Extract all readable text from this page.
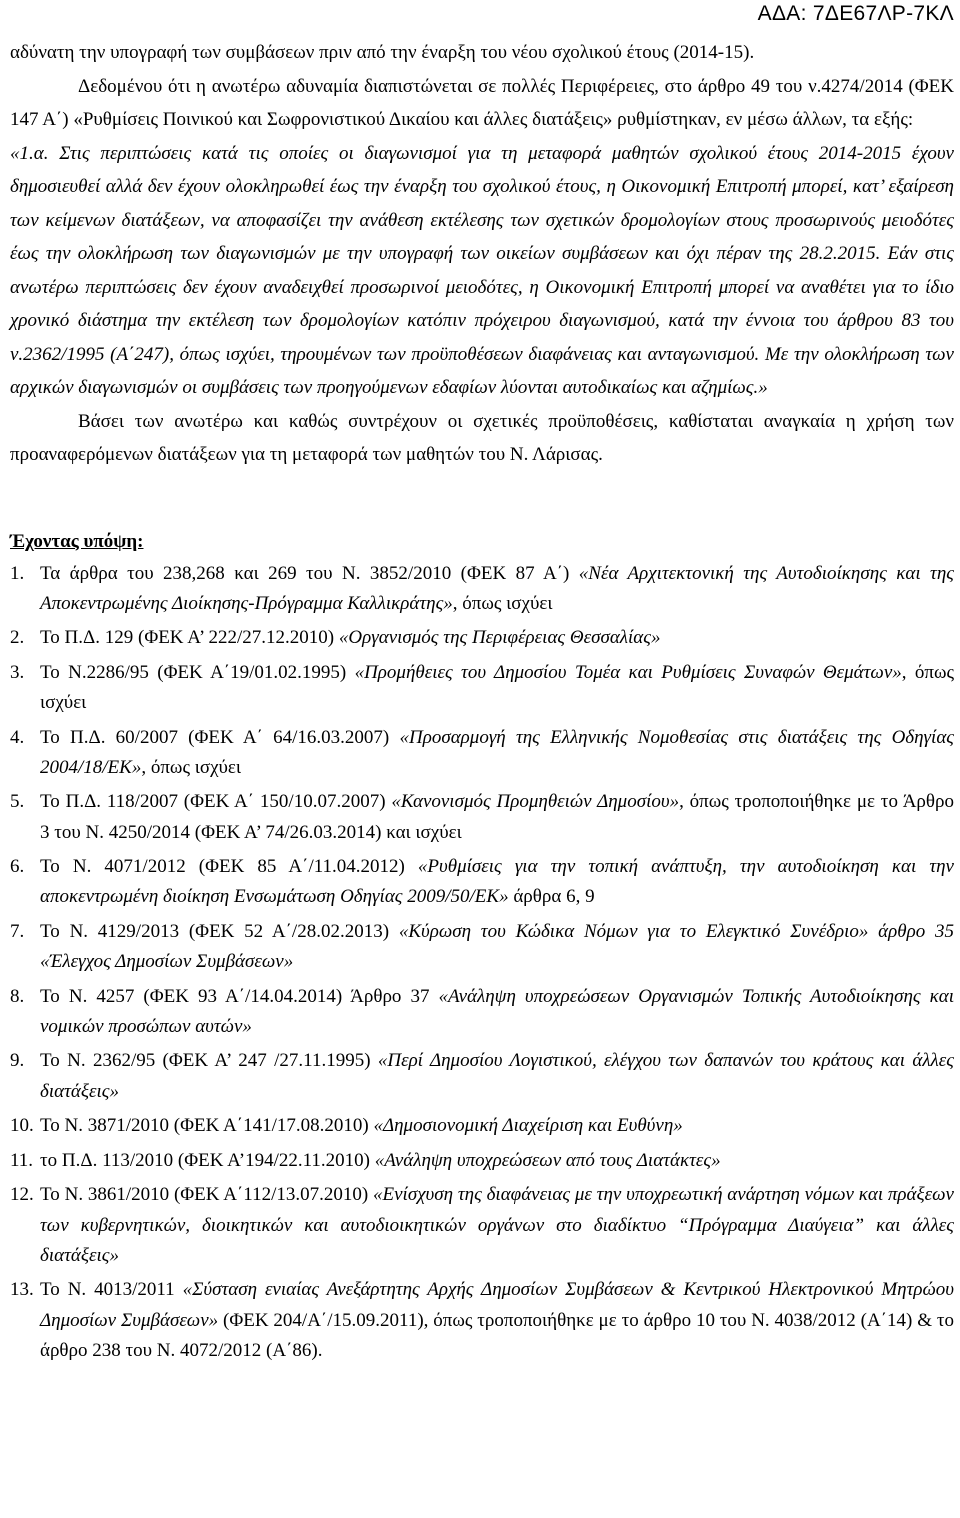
ΑΔΑ: 7ΔΕ67ΛΡ-7ΚΛ

αδύνατη την υπογραφή των συμβάσεων πριν από την έναρξη του νέου σχολικού έτους (2014-15).

Δεδομένου ότι η ανωτέρω αδυναμία διαπιστώνεται σε πολλές Περιφέρειες, στο άρθρο 49 του ν.4274/2014 (ΦΕΚ 147 Α΄) «Ρυθμίσεις Ποινικού και Σωφρονιστικού Δικαίου και άλλες διατάξεις» ρυθμίστηκαν, εν μέσω άλλων, τα εξής:

«1.α. Στις περιπτώσεις κατά τις οποίες οι διαγωνισμοί για τη μεταφορά μαθητών σχολικού έτους 2014-2015 έχουν δημοσιευθεί αλλά δεν έχουν ολοκληρωθεί έως την έναρξη του σχολικού έτους, η Οικονομική Επιτροπή μπορεί, κατ’ εξαίρεση των κείμενων διατάξεων, να αποφασίζει την ανάθεση εκτέλεσης των σχετικών δρομολογίων στους προσωρινούς μειοδότες έως την ολοκλήρωση των διαγωνισμών με την υπογραφή των οικείων συμβάσεων και όχι πέραν της 28.2.2015. Εάν στις ανωτέρω περιπτώσεις δεν έχουν αναδειχθεί προσωρινοί μειοδότες, η Οικονομική Επιτροπή μπορεί να αναθέτει για το ίδιο χρονικό διάστημα την εκτέλεση των δρομολογίων κατόπιν πρόχειρου διαγωνισμού, κατά την έννοια του άρθρου 83 του ν.2362/1995 (Α΄247), όπως ισχύει, τηρουμένων των προϋποθέσεων διαφάνειας και ανταγωνισμού. Με την ολοκλήρωση των αρχικών διαγωνισμών οι συμβάσεις των προηγούμενων εδαφίων λύονται αυτοδικαίως και αζημίως.»

Βάσει των ανωτέρω και καθώς συντρέχουν οι σχετικές προϋποθέσεις, καθίσταται αναγκαία η χρήση των προαναφερόμενων διατάξεων για τη μεταφορά των μαθητών του Ν. Λάρισας.

Έχοντας υπόψη:

1. Τα άρθρα του 238,268 και 269 του Ν. 3852/2010 (ΦΕΚ 87 Α΄) «Νέα Αρχιτεκτονική της Αυτοδιοίκησης και της Αποκεντρωμένης Διοίκησης-Πρόγραμμα Καλλικράτης», όπως ισχύει
2. Το Π.Δ. 129 (ΦΕΚ Α’ 222/27.12.2010) «Οργανισμός της Περιφέρειας Θεσσαλίας»
3. Το Ν.2286/95 (ΦΕΚ Α΄19/01.02.1995) «Προμήθειες του Δημοσίου Τομέα και Ρυθμίσεις Συναφών Θεμάτων», όπως ισχύει
4. Το Π.Δ. 60/2007 (ΦΕΚ Α΄ 64/16.03.2007) «Προσαρμογή της Ελληνικής Νομοθεσίας στις διατάξεις της Οδηγίας 2004/18/ΕΚ», όπως ισχύει
5. Το Π.Δ. 118/2007 (ΦΕΚ Α΄ 150/10.07.2007) «Κανονισμός Προμηθειών Δημοσίου», όπως τροποποιήθηκε με το Άρθρο 3 του Ν. 4250/2014 (ΦΕΚ Α’ 74/26.03.2014) και ισχύει
6. Το Ν. 4071/2012 (ΦΕΚ 85 Α΄/11.04.2012) «Ρυθμίσεις για την τοπική ανάπτυξη, την αυτοδιοίκηση και την αποκεντρωμένη διοίκηση Ενσωμάτωση Οδηγίας 2009/50/ΕΚ» άρθρα 6, 9
7. Το Ν. 4129/2013 (ΦΕΚ 52 Α΄/28.02.2013) «Κύρωση του Κώδικα Νόμων για το Ελεγκτικό Συνέδριο» άρθρο 35 «Έλεγχος Δημοσίων Συμβάσεων»
8. Το Ν. 4257 (ΦΕΚ 93 Α΄/14.04.2014) Άρθρο 37 «Ανάληψη υποχρεώσεων Οργανισμών Τοπικής Αυτοδιοίκησης και νομικών προσώπων αυτών»
9. Το Ν. 2362/95 (ΦΕΚ Α’ 247 /27.11.1995) «Περί Δημοσίου Λογιστικού, ελέγχου των δαπανών του κράτους και άλλες διατάξεις»
10. Το Ν. 3871/2010 (ΦΕΚ Α΄141/17.08.2010) «Δημοσιονομική Διαχείριση και Ευθύνη»
11. το Π.Δ. 113/2010 (ΦΕΚ Α’194/22.11.2010) «Ανάληψη υποχρεώσεων από τους Διατάκτες»
12. Το Ν. 3861/2010 (ΦΕΚ Α΄112/13.07.2010) «Ενίσχυση της διαφάνειας με την υποχρεωτική ανάρτηση νόμων και πράξεων των κυβερνητικών, διοικητικών και αυτοδιοικητικών οργάνων στο διαδίκτυο “Πρόγραμμα Διαύγεια” και άλλες διατάξεις»
13. Το Ν. 4013/2011 «Σύσταση ενιαίας Ανεξάρτητης Αρχής Δημοσίων Συμβάσεων & Κεντρικού Ηλεκτρονικού Μητρώου Δημοσίων Συμβάσεων» (ΦΕΚ 204/Α΄/15.09.2011), όπως τροποποιήθηκε με το άρθρο 10 του Ν. 4038/2012 (Α΄14) & το άρθρο 238 του Ν. 4072/2012 (Α΄86).
